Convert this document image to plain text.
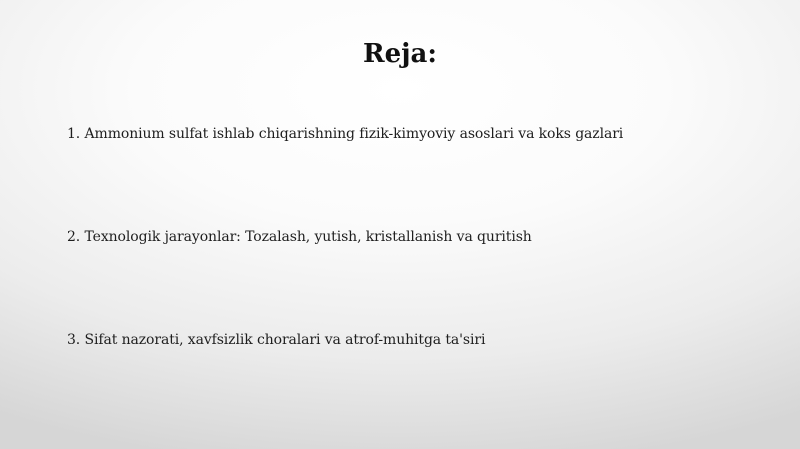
Reja:
1. Ammonium sulfat ishlab chiqarishning fizik-kimyoviy asoslari va koks gazlari
2. Texnologik jarayonlar: Tozalash, yutish, kristallanish va quritish
3. Sifat nazorati, xavfsizlik choralari va atrof-muhitga ta'siri
